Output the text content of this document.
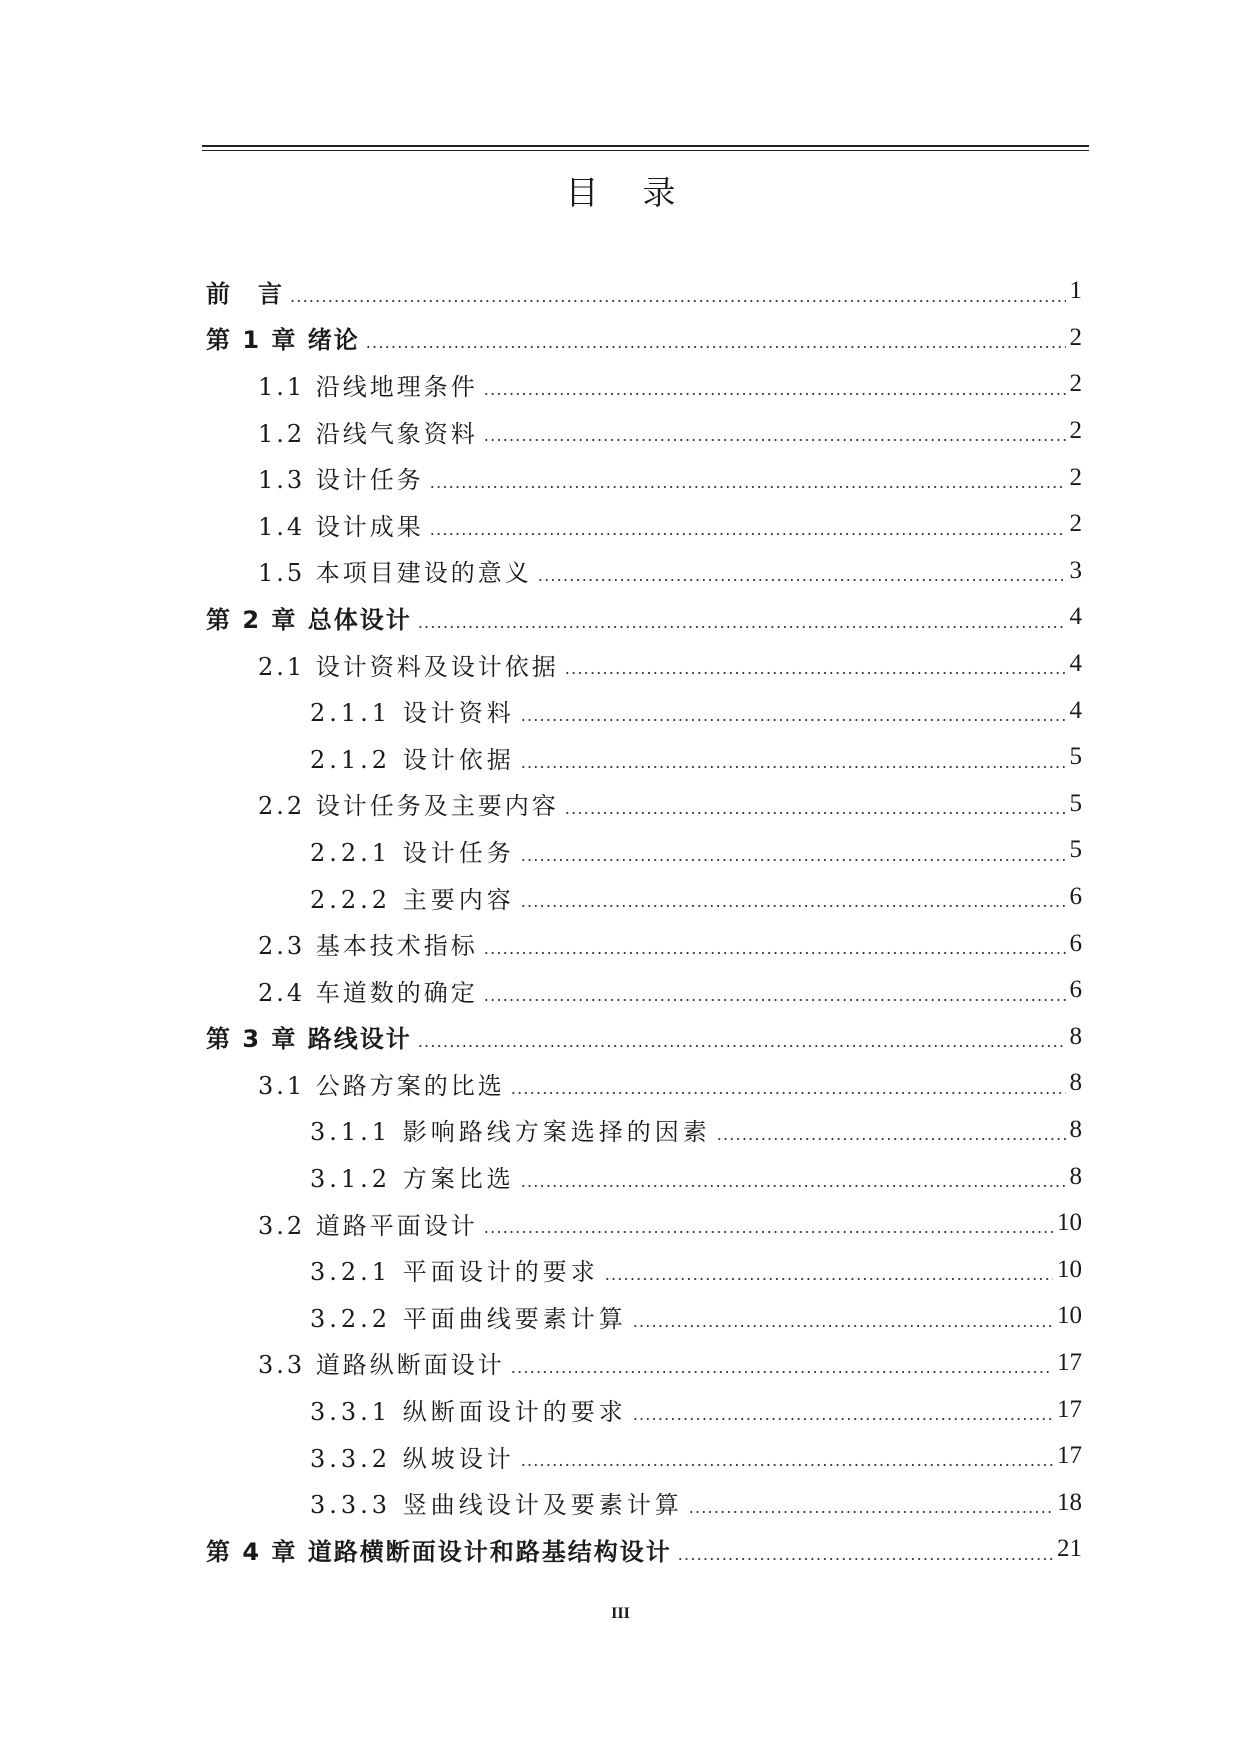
目 录
前　言 .....	1
第 1 章 绪论 .....	2
1.1 沿线地理条件 .....	2
1.2 沿线气象资料 .....	2
1.3 设计任务 .....	2
1.4 设计成果 .....	2
1.5 本项目建设的意义 .....	3
第 2 章 总体设计 .....	4
2.1 设计资料及设计依据 .....	4
2.1.1 设计资料 .....	4
2.1.2 设计依据 .....	5
2.2 设计任务及主要内容 .....	5
2.2.1 设计任务 .....	5
2.2.2 主要内容 .....	6
2.3 基本技术指标 .....	6
2.4 车道数的确定 .....	6
第 3 章 路线设计 .....	8
3.1 公路方案的比选 .....	8
3.1.1 影响路线方案选择的因素 .....	8
3.1.2 方案比选 .....	8
3.2 道路平面设计 .....	10
3.2.1 平面设计的要求 .....	10
3.2.2 平面曲线要素计算 .....	10
3.3 道路纵断面设计 .....	17
3.3.1 纵断面设计的要求 .....	17
3.3.2 纵坡设计 .....	17
3.3.3 竖曲线设计及要素计算 .....	18
第 4 章 道路横断面设计和路基结构设计 .....	21
III
